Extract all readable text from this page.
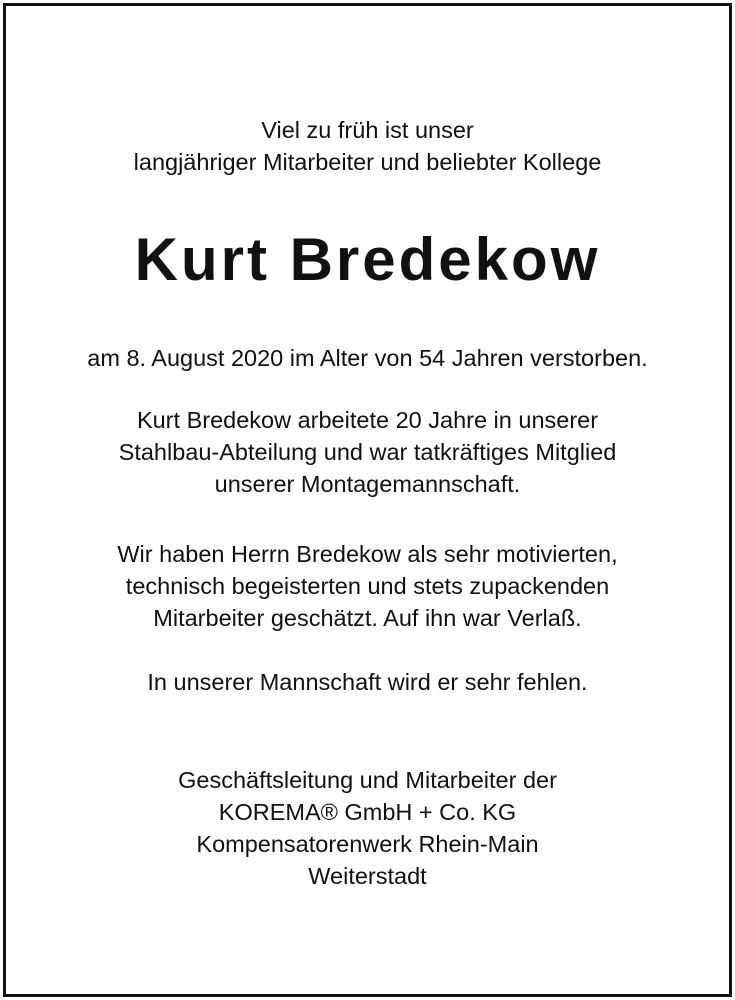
Viel zu früh ist unser
langjähriger Mitarbeiter und beliebter Kollege
Kurt Bredekow
am 8. August 2020 im Alter von 54 Jahren verstorben.
Kurt Bredekow arbeitete 20 Jahre in unserer
Stahlbau-Abteilung und war tatkräftiges Mitglied
unserer Montagemannschaft.
Wir haben Herrn Bredekow als sehr motivierten,
technisch begeisterten und stets zupackenden
Mitarbeiter geschätzt. Auf ihn war Verlaß.
In unserer Mannschaft wird er sehr fehlen.
Geschäftsleitung und Mitarbeiter der
KOREMA® GmbH + Co. KG
Kompensatorenwerk Rhein-Main
Weiterstadt
